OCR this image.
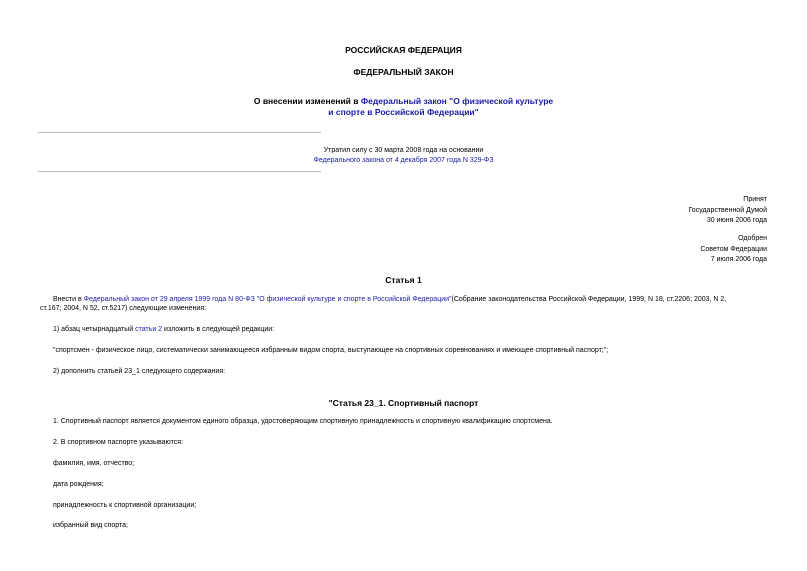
РОССИЙСКАЯ ФЕДЕРАЦИЯ
ФЕДЕРАЛЬНЫЙ ЗАКОН
О внесении изменений в Федеральный закон "О физической культуре
и спорте в Российской Федерации"
Утратил силу с 30 марта 2008 года на основании
Федерального закона от 4 декабря 2007 года N 329-ФЗ
Принят
Государственной Думой
30 июня 2006 года
Одобрен
Советом Федерации
7 июля 2006 года
Статья 1
Внести в Федеральный закон от 29 апреля 1999 года N 80-ФЗ "О физической культуре и спорте в Российской Федерации"(Собрание законодательства Российской Федерации, 1999, N 18, ст.2206; 2003, N 2,
ст.167; 2004, N 52, ст.5217) следующие изменения:
1) абзац четырнадцатый статьи 2 изложить в следующей редакции:
"спортсмен - физическое лицо, систематически занимающееся избранным видом спорта, выступающее на спортивных соревнованиях и имеющее спортивный паспорт;";
2) дополнить статьей 23_1 следующего содержания:
"Статья 23_1. Спортивный паспорт
1. Спортивный паспорт является документом единого образца, удостоверяющим спортивную принадлежность и спортивную квалификацию спортсмена.
2. В спортивном паспорте указываются:
фамилия, имя, отчество;
дата рождения;
принадлежность к спортивной организации;
избранный вид спорта;
